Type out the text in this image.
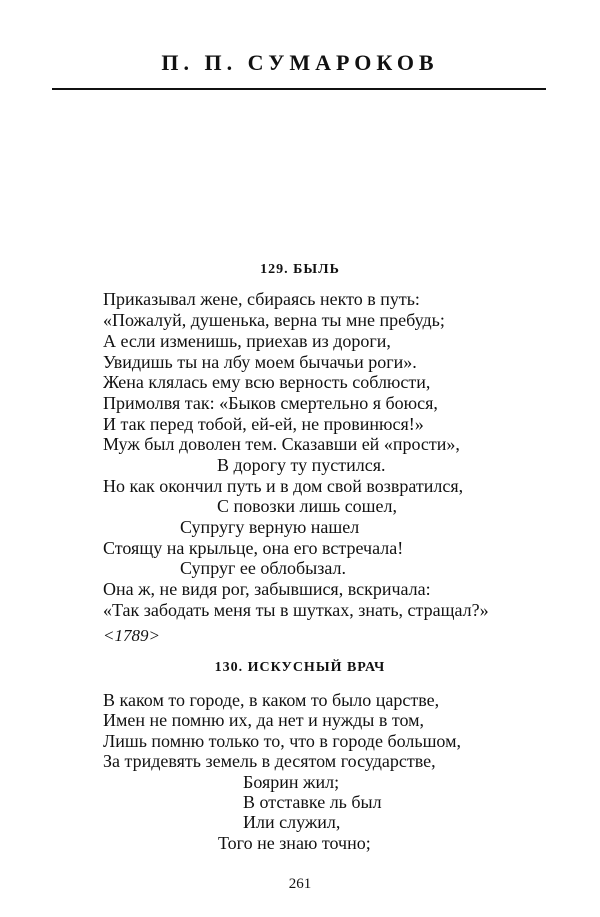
П. П. СУМАРОКОВ
129. БЫЛЬ
Приказывал жене, сбираясь некто в путь:
«Пожалуй, душенька, верна ты мне пребудь;
А если изменишь, приехав из дороги,
Увидишь ты на лбу моем бычачьи роги».
Жена клялась ему всю верность соблюсти,
Примолвя так: «Быков смертельно я боюся,
И так перед тобой, ей-ей, не провинюся!»
Муж был доволен тем. Сказавши ей «прости»,
В дорогу ту пустился.
Но как окончил путь и в дом свой возвратился,
С повозки лишь сошел,
Супругу верную нашел
Стоящу на крыльце, она его встречала!
Супруг ее облобызал.
Она ж, не видя рог, забывшися, вскричала:
«Так забодать меня ты в шутках, знать, стращал?»
<1789>
130. ИСКУСНЫЙ ВРАЧ
В каком то городе, в каком то было царстве,
Имен не помню их, да нет и нужды в том,
Лишь помню только то, что в городе большом,
За тридевять земель в десятом государстве,
Боярин жил;
В отставке ль был
Или служил,
Того не знаю точно;
261
